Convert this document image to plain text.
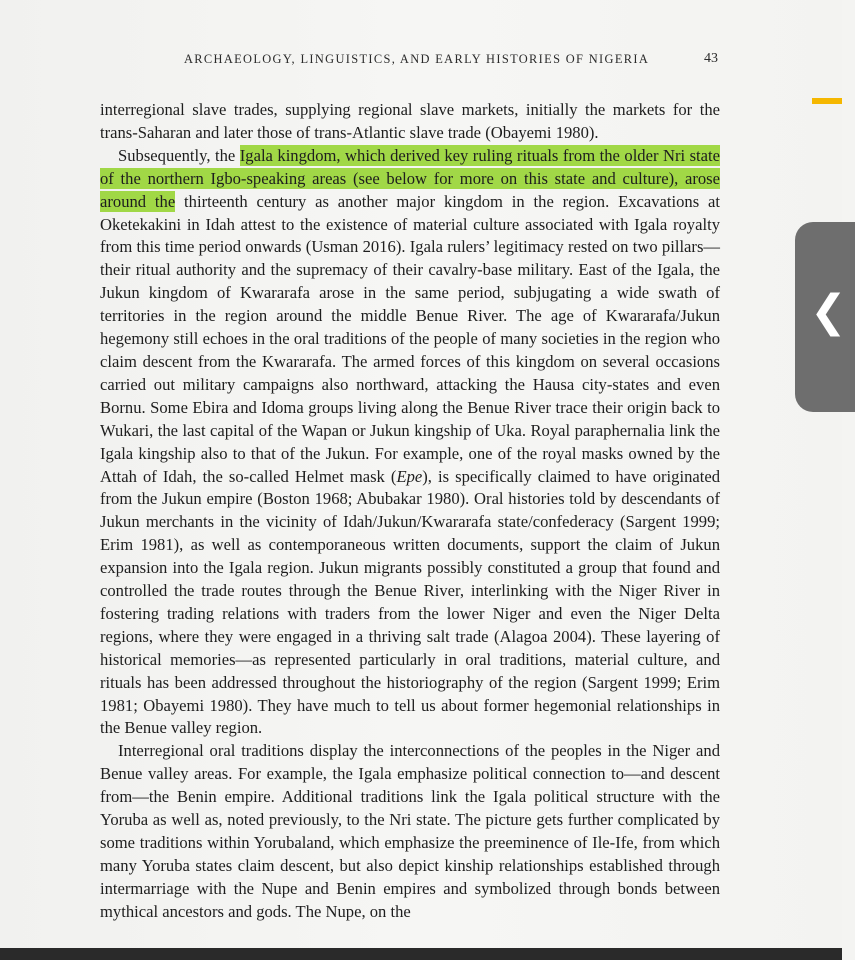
ARCHAEOLOGY, LINGUISTICS, AND EARLY HISTORIES OF NIGERIA	43

interregional slave trades, supplying regional slave markets, initially the markets for the trans-Saharan and later those of trans-Atlantic slave trade (Obayemi 1980).

Subsequently, the Igala kingdom, which derived key ruling rituals from the older Nri state of the northern Igbo-speaking areas (see below for more on this state and culture), arose around the thirteenth century as another major kingdom in the region. Excavations at Oketekakini in Idah attest to the existence of material culture associated with Igala royalty from this time period onwards (Usman 2016). Igala rulers’ legitimacy rested on two pillars—their ritual authority and the supremacy of their cavalry-base military. East of the Igala, the Jukun kingdom of Kwararafa arose in the same period, subjugating a wide swath of territories in the region around the middle Benue River. The age of Kwararafa/Jukun hegemony still echoes in the oral traditions of the people of many societies in the region who claim descent from the Kwararafa. The armed forces of this kingdom on several occasions carried out military campaigns also northward, attacking the Hausa city-states and even Bornu. Some Ebira and Idoma groups living along the Benue River trace their origin back to Wukari, the last capital of the Wapan or Jukun kingship of Uka. Royal paraphernalia link the Igala kingship also to that of the Jukun. For example, one of the royal masks owned by the Attah of Idah, the so-called Helmet mask (Epe), is specifically claimed to have originated from the Jukun empire (Boston 1968; Abubakar 1980). Oral histories told by descendants of Jukun merchants in the vicinity of Idah/Jukun/Kwararafa state/confederacy (Sargent 1999; Erim 1981), as well as contemporaneous written documents, support the claim of Jukun expansion into the Igala region. Jukun migrants possibly constituted a group that found and controlled the trade routes through the Benue River, interlinking with the Niger River in fostering trading relations with traders from the lower Niger and even the Niger Delta regions, where they were engaged in a thriving salt trade (Alagoa 2004). These layering of historical memories—as represented particularly in oral traditions, material culture, and rituals has been addressed throughout the historiography of the region (Sargent 1999; Erim 1981; Obayemi 1980). They have much to tell us about former hegemonial relationships in the Benue valley region.

Interregional oral traditions display the interconnections of the peoples in the Niger and Benue valley areas. For example, the Igala emphasize political connection to—and descent from—the Benin empire. Additional traditions link the Igala political structure with the Yoruba as well as, noted previously, to the Nri state. The picture gets further complicated by some traditions within Yorubaland, which emphasize the preeminence of Ile-Ife, from which many Yoruba states claim descent, but also depict kinship relationships established through intermarriage with the Nupe and Benin empires and symbolized through bonds between mythical ancestors and gods. The Nupe, on the

❮
